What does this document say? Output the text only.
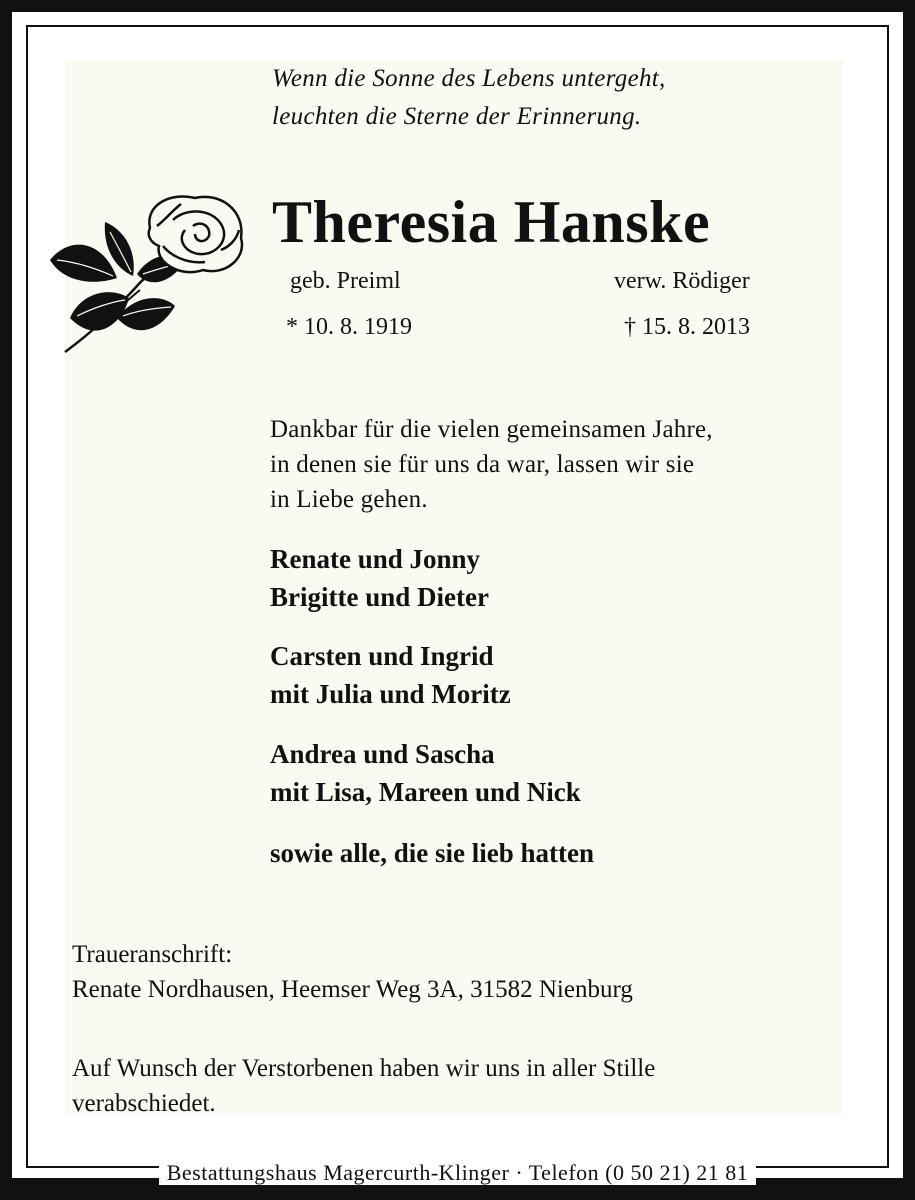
Wenn die Sonne des Lebens untergeht,
leuchten die Sterne der Erinnerung.
Theresia Hanske
geb. Preiml	verw. Rödiger
* 10. 8. 1919	† 15. 8. 2013
Dankbar für die vielen gemeinsamen Jahre,
in denen sie für uns da war, lassen wir sie
in Liebe gehen.
Renate und Jonny
Brigitte und Dieter
Carsten und Ingrid
mit Julia und Moritz
Andrea und Sascha
mit Lisa, Mareen und Nick
sowie alle, die sie lieb hatten
Traueranschrift:
Renate Nordhausen, Heemser Weg 3A, 31582 Nienburg
Auf Wunsch der Verstorbenen haben wir uns in aller Stille
verabschiedet.
Bestattungshaus Magercurth-Klinger · Telefon (0 50 21) 21 81
